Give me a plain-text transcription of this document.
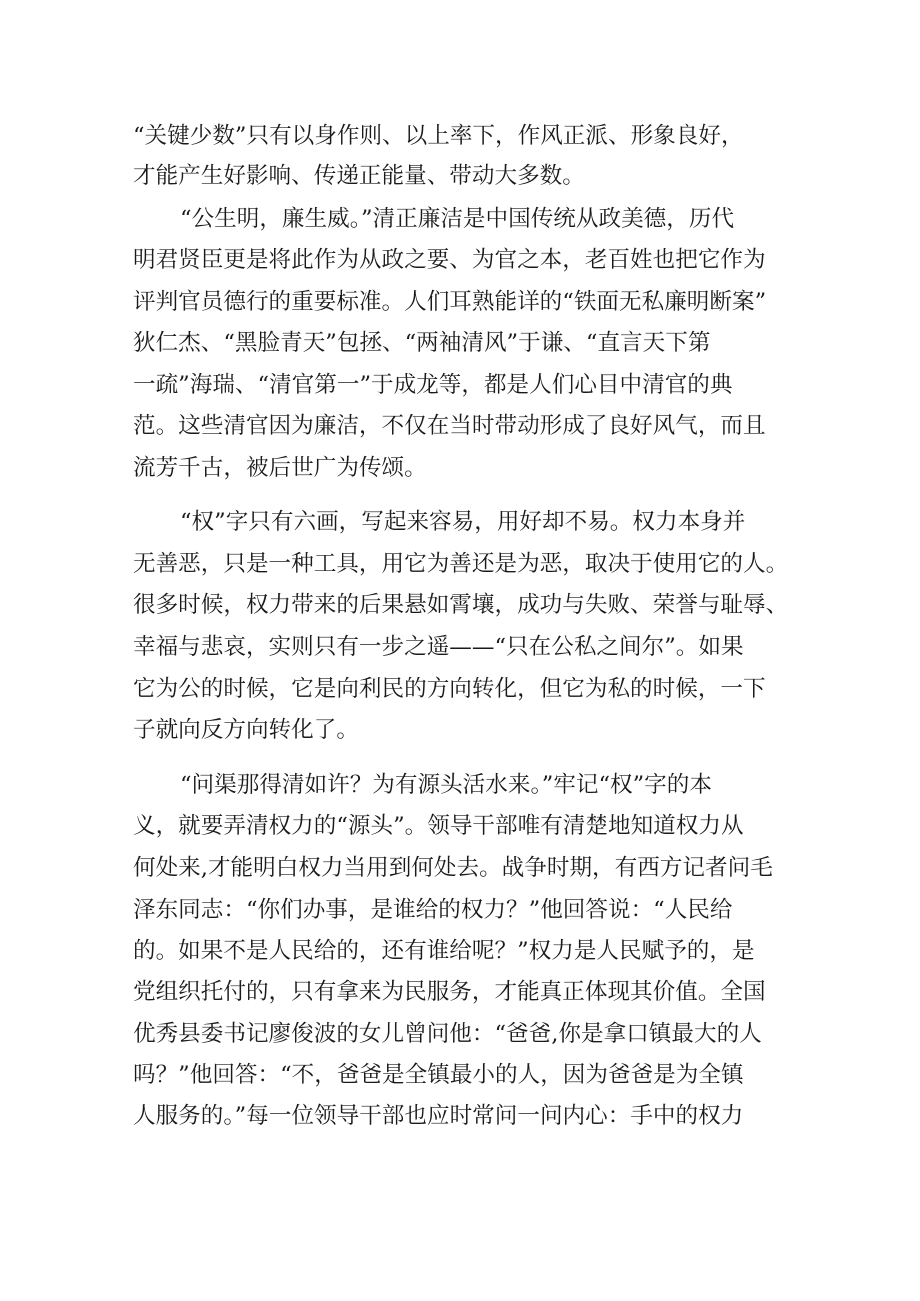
“关键少数”只有以身作则、以上率下，作风正派、形象良好，
才能产生好影响、传递正能量、带动大多数。
“公生明，廉生威。”清正廉洁是中国传统从政美德，历代
明君贤臣更是将此作为从政之要、为官之本，老百姓也把它作为
评判官员德行的重要标准。人们耳熟能详的“铁面无私廉明断案”
狄仁杰、“黑脸青天”包拯、“两袖清风”于谦、“直言天下第
一疏”海瑞、“清官第一”于成龙等，都是人们心目中清官的典
范。这些清官因为廉洁，不仅在当时带动形成了良好风气，而且
流芳千古，被后世广为传颂。
“权”字只有六画，写起来容易，用好却不易。权力本身并
无善恶，只是一种工具，用它为善还是为恶，取决于使用它的人。
很多时候，权力带来的后果悬如霄壤，成功与失败、荣誉与耻辱、
幸福与悲哀，实则只有一步之遥——“只在公私之间尔”。如果
它为公的时候，它是向利民的方向转化，但它为私的时候，一下
子就向反方向转化了。
“问渠那得清如许？为有源头活水来。”牢记“权”字的本
义，就要弄清权力的“源头”。领导干部唯有清楚地知道权力从
何处来,才能明白权力当用到何处去。战争时期，有西方记者问毛
泽东同志：“你们办事，是谁给的权力？”他回答说：“人民给
的。如果不是人民给的，还有谁给呢？”权力是人民赋予的，是
党组织托付的，只有拿来为民服务，才能真正体现其价值。全国
优秀县委书记廖俊波的女儿曾问他：“爸爸,你是拿口镇最大的人
吗？”他回答：“不，爸爸是全镇最小的人，因为爸爸是为全镇
人服务的。”每一位领导干部也应时常问一问内心：手中的权力
